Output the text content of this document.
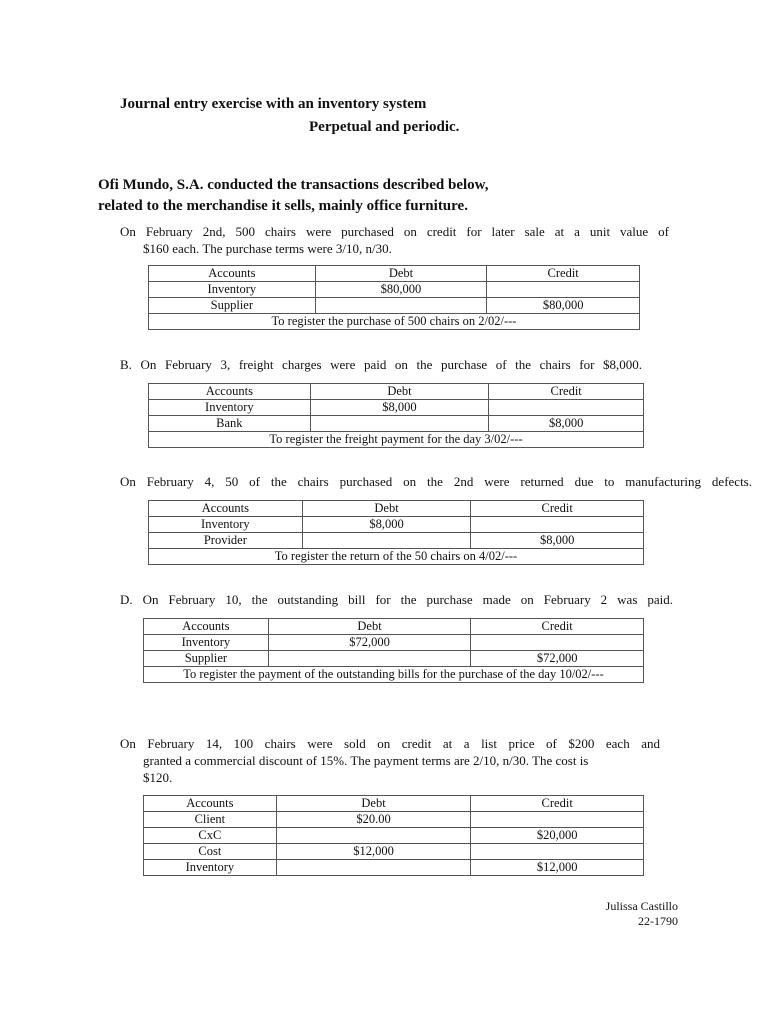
Journal entry exercise with an inventory system
Perpetual and periodic.
Ofi Mundo, S.A. conducted the transactions described below,
related to the merchandise it sells, mainly office furniture.
On February 2nd, 500 chairs were purchased on credit for later sale at a unit value of
$160 each. The purchase terms were 3/10, n/30.
Accounts	Debt	Credit
Inventory	$80,000	
Supplier		$80,000
To register the purchase of 500 chairs on 2/02/---		
B. On February 3, freight charges were paid on the purchase of the chairs for $8,000.
Accounts	Debt	Credit
Inventory	$8,000	
Bank		$8,000
To register the freight payment for the day 3/02/---		
On February 4, 50 of the chairs purchased on the 2nd were returned due to manufacturing defects.
Accounts	Debt	Credit
Inventory	$8,000	
Provider		$8,000
To register the return of the 50 chairs on 4/02/---		
D. On February 10, the outstanding bill for the purchase made on February 2 was paid.
Accounts	Debt	Credit
Inventory	$72,000	
Supplier		$72,000
To register the payment of the outstanding bills for the purchase of the day 10/02/---		
On February 14, 100 chairs were sold on credit at a list price of $200 each and
granted a commercial discount of 15%. The payment terms are 2/10, n/30. The cost is
$120.
Accounts	Debt	Credit
Client	$20.00	
CxC		$20,000
Cost	$12,000	
Inventory		$12,000
Julissa Castillo
22-1790
